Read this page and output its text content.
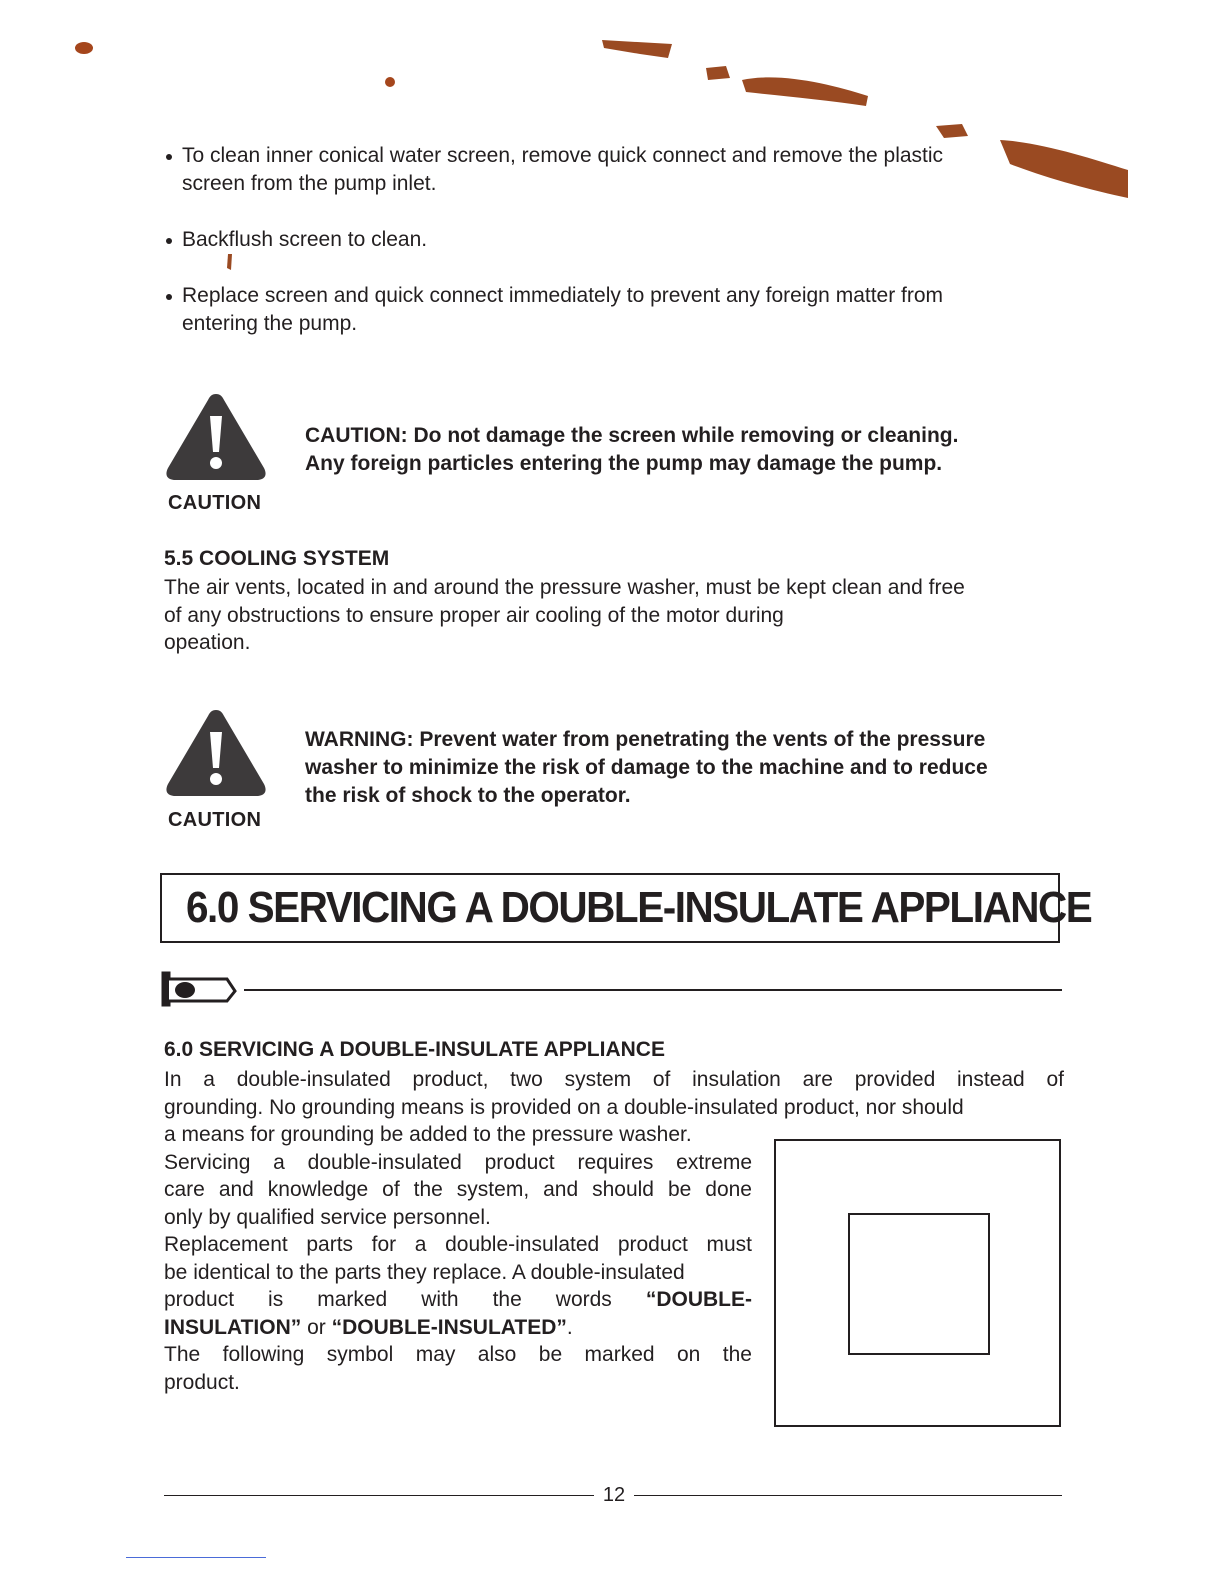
To clean inner conical water screen, remove quick connect and remove the plastic
screen from the pump inlet.
Backflush screen to clean.
Replace screen and quick connect immediately to prevent any foreign matter from
entering the pump.
CAUTION
CAUTION: Do not damage the screen while removing or cleaning.
Any foreign particles entering the pump may damage the pump.
5.5 COOLING SYSTEM
The air vents, located in and around the pressure washer, must be kept clean and free
of any obstructions to ensure proper air cooling of the motor during
opeation.
CAUTION
WARNING: Prevent water from penetrating the vents of the pressure
washer to minimize the risk of damage to the machine and to reduce
the risk of shock to the operator.
6.0 SERVICING A DOUBLE-INSULATE APPLIANCE
6.0 SERVICING A DOUBLE-INSULATE APPLIANCE
In a double-insulated product, two system of insulation are provided instead of
grounding. No grounding means is provided on a double-insulated product, nor should
a means for grounding be added to the pressure washer.
Servicing a double-insulated product requires extreme
care and knowledge of the system, and should be done
only by qualified service personnel.
Replacement parts for a double-insulated product must
be identical to the parts they replace. A double-insulated
product is marked with the words “DOUBLE-
INSULATION” or “DOUBLE-INSULATED”.
The following symbol may also be marked on the
product.
12
